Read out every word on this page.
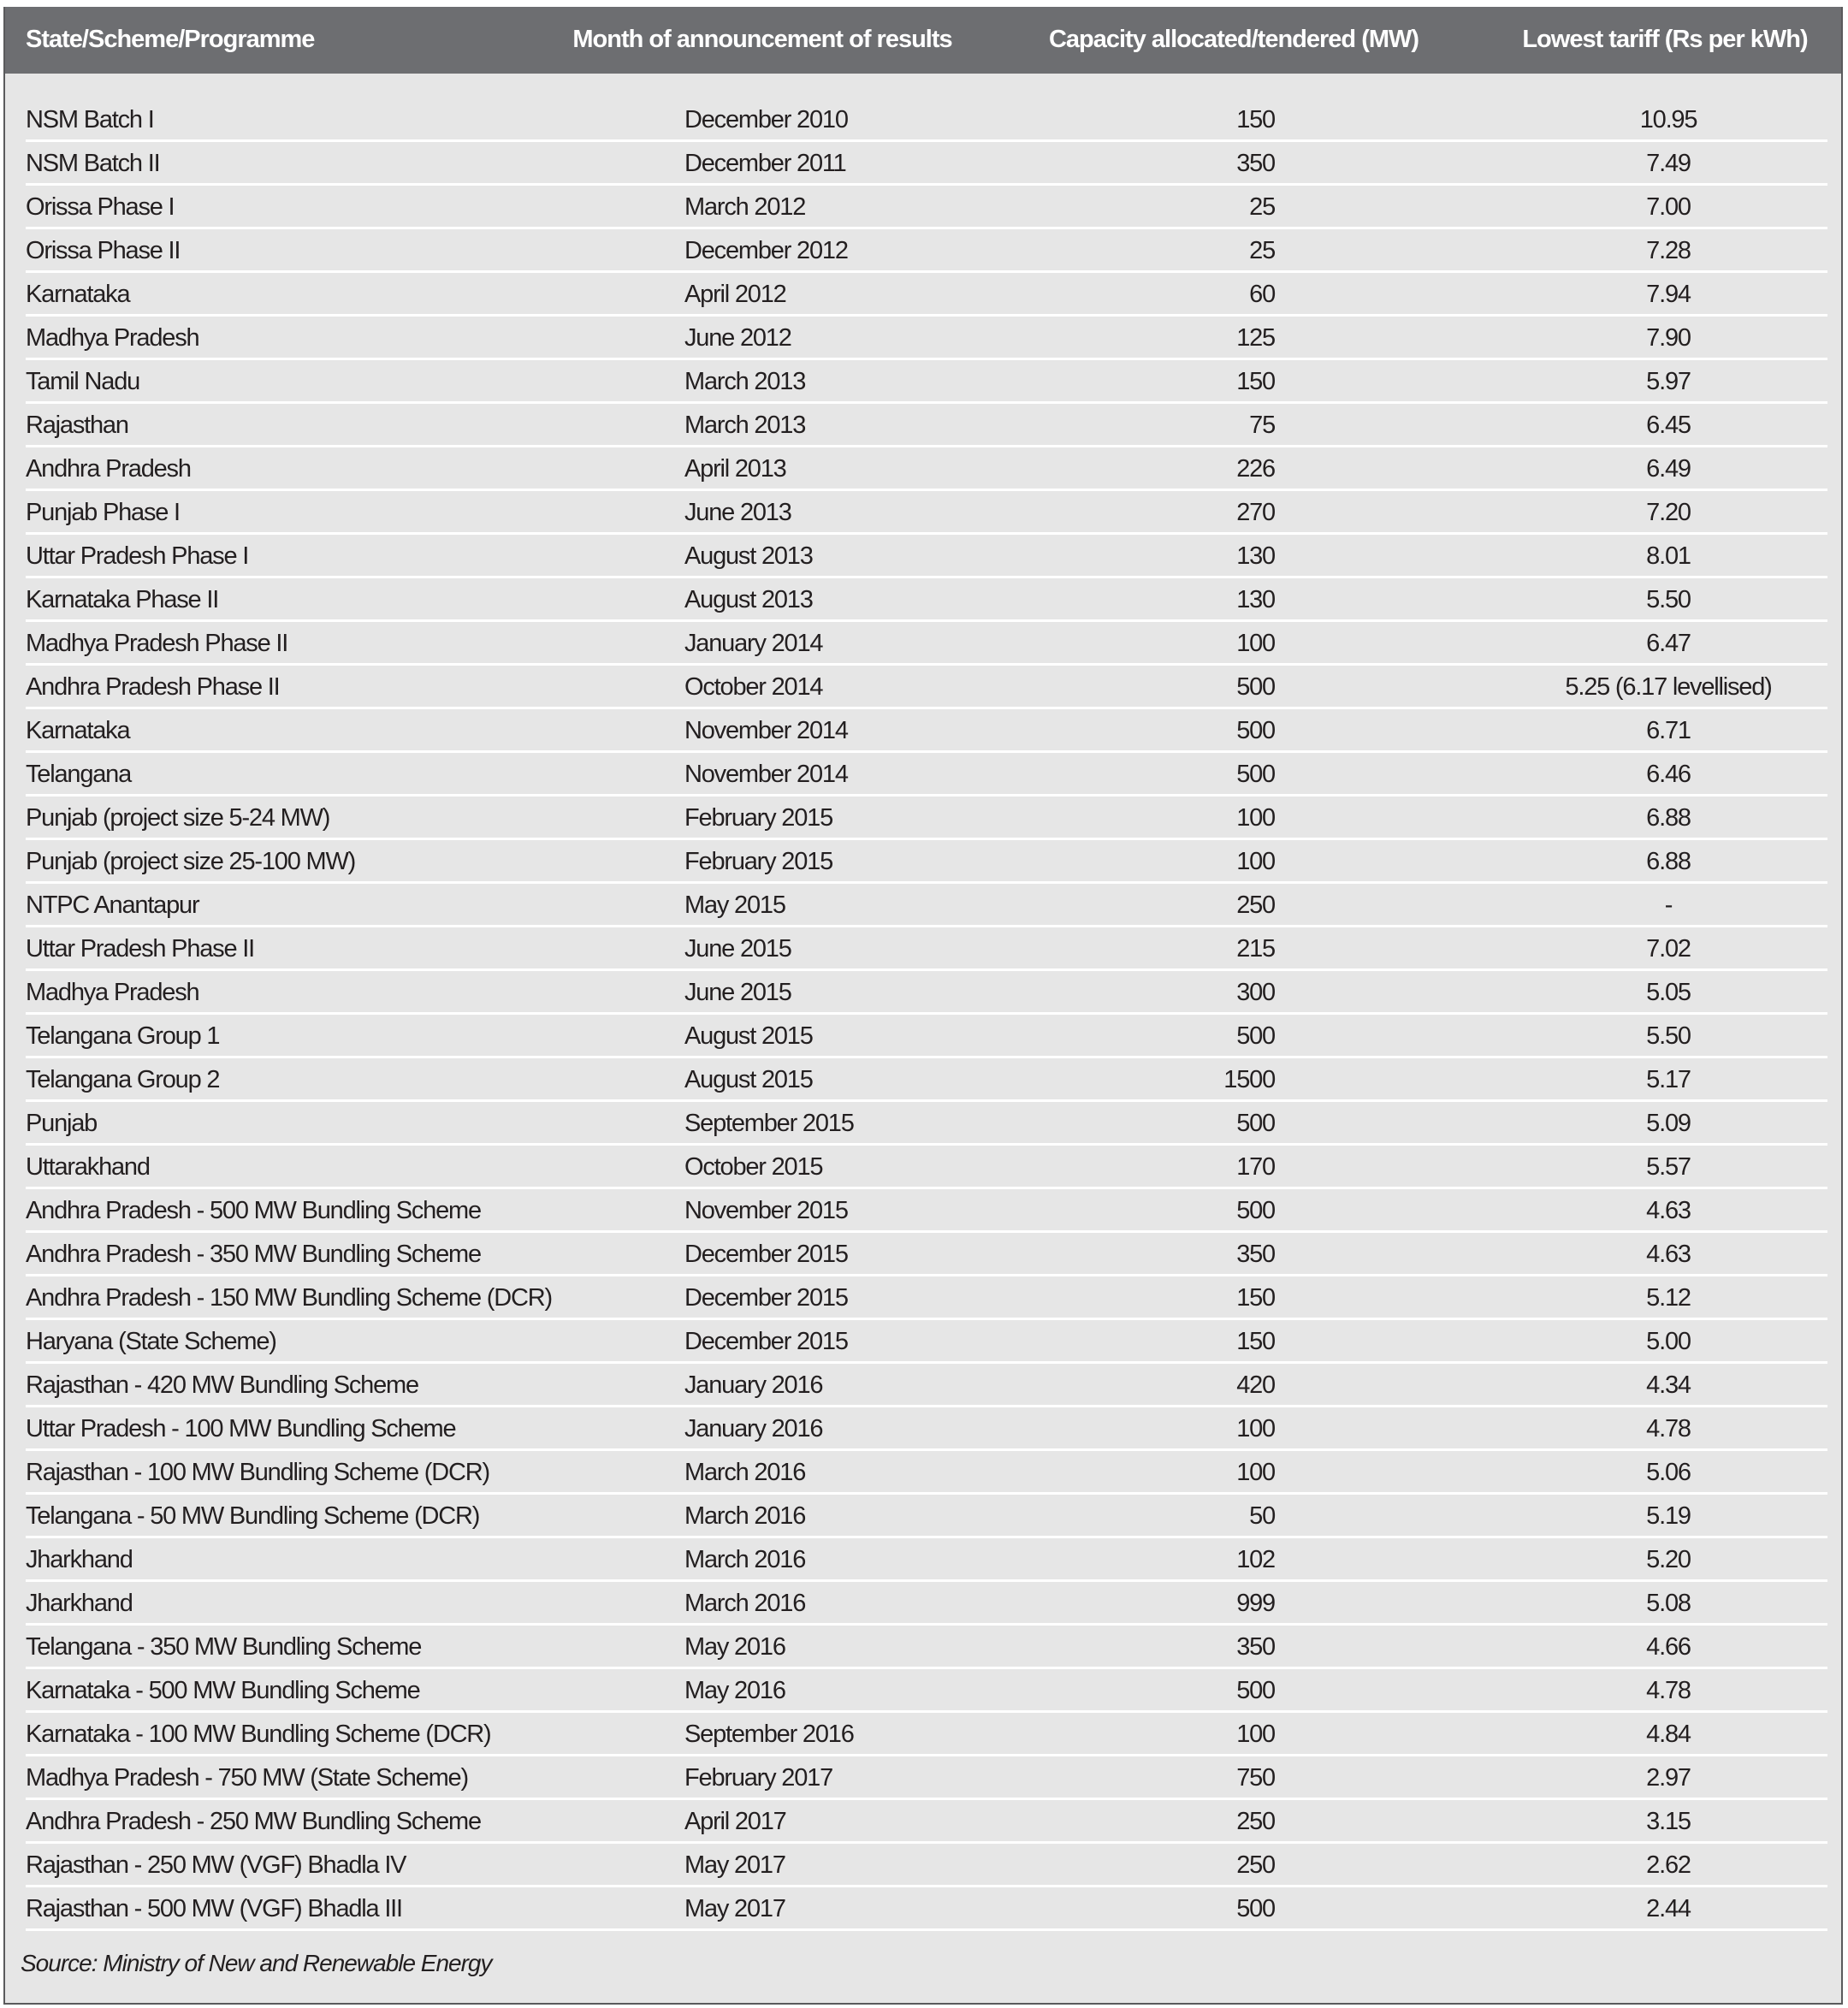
State/Scheme/Programme	Month of announcement of results	Capacity allocated/tendered (MW)	Lowest tariff (Rs per kWh)
NSM Batch I	December 2010	150	10.95
NSM Batch II	December 2011	350	7.49
Orissa Phase I	March 2012	25	7.00
Orissa Phase II	December 2012	25	7.28
Karnataka	April 2012	60	7.94
Madhya Pradesh	June 2012	125	7.90
Tamil Nadu	March 2013	150	5.97
Rajasthan	March 2013	75	6.45
Andhra Pradesh	April 2013	226	6.49
Punjab Phase I	June 2013	270	7.20
Uttar Pradesh Phase I	August 2013	130	8.01
Karnataka Phase II	August 2013	130	5.50
Madhya Pradesh Phase II	January 2014	100	6.47
Andhra Pradesh Phase II	October 2014	500	5.25 (6.17 levellised)
Karnataka	November 2014	500	6.71
Telangana	November 2014	500	6.46
Punjab (project size 5-24 MW)	February 2015	100	6.88
Punjab (project size 25-100 MW)	February 2015	100	6.88
NTPC Anantapur	May 2015	250	-
Uttar Pradesh Phase II	June 2015	215	7.02
Madhya Pradesh	June 2015	300	5.05
Telangana Group 1	August 2015	500	5.50
Telangana Group 2	August 2015	1500	5.17
Punjab	September 2015	500	5.09
Uttarakhand	October 2015	170	5.57
Andhra Pradesh - 500 MW Bundling Scheme	November 2015	500	4.63
Andhra Pradesh - 350 MW Bundling Scheme	December 2015	350	4.63
Andhra Pradesh - 150 MW Bundling Scheme (DCR)	December 2015	150	5.12
Haryana (State Scheme)	December 2015	150	5.00
Rajasthan - 420 MW Bundling Scheme	January 2016	420	4.34
Uttar Pradesh - 100 MW Bundling Scheme	January 2016	100	4.78
Rajasthan - 100 MW Bundling Scheme (DCR)	March 2016	100	5.06
Telangana - 50 MW Bundling Scheme (DCR)	March 2016	50	5.19
Jharkhand	March 2016	102	5.20
Jharkhand	March 2016	999	5.08
Telangana - 350 MW Bundling Scheme	May 2016	350	4.66
Karnataka - 500 MW Bundling Scheme	May 2016	500	4.78
Karnataka - 100 MW Bundling Scheme (DCR)	September 2016	100	4.84
Madhya Pradesh - 750 MW (State Scheme)	February 2017	750	2.97
Andhra Pradesh - 250 MW Bundling Scheme	April 2017	250	3.15
Rajasthan - 250 MW (VGF) Bhadla IV	May 2017	250	2.62
Rajasthan - 500 MW (VGF) Bhadla III	May 2017	500	2.44
Source: Ministry of New and Renewable Energy
